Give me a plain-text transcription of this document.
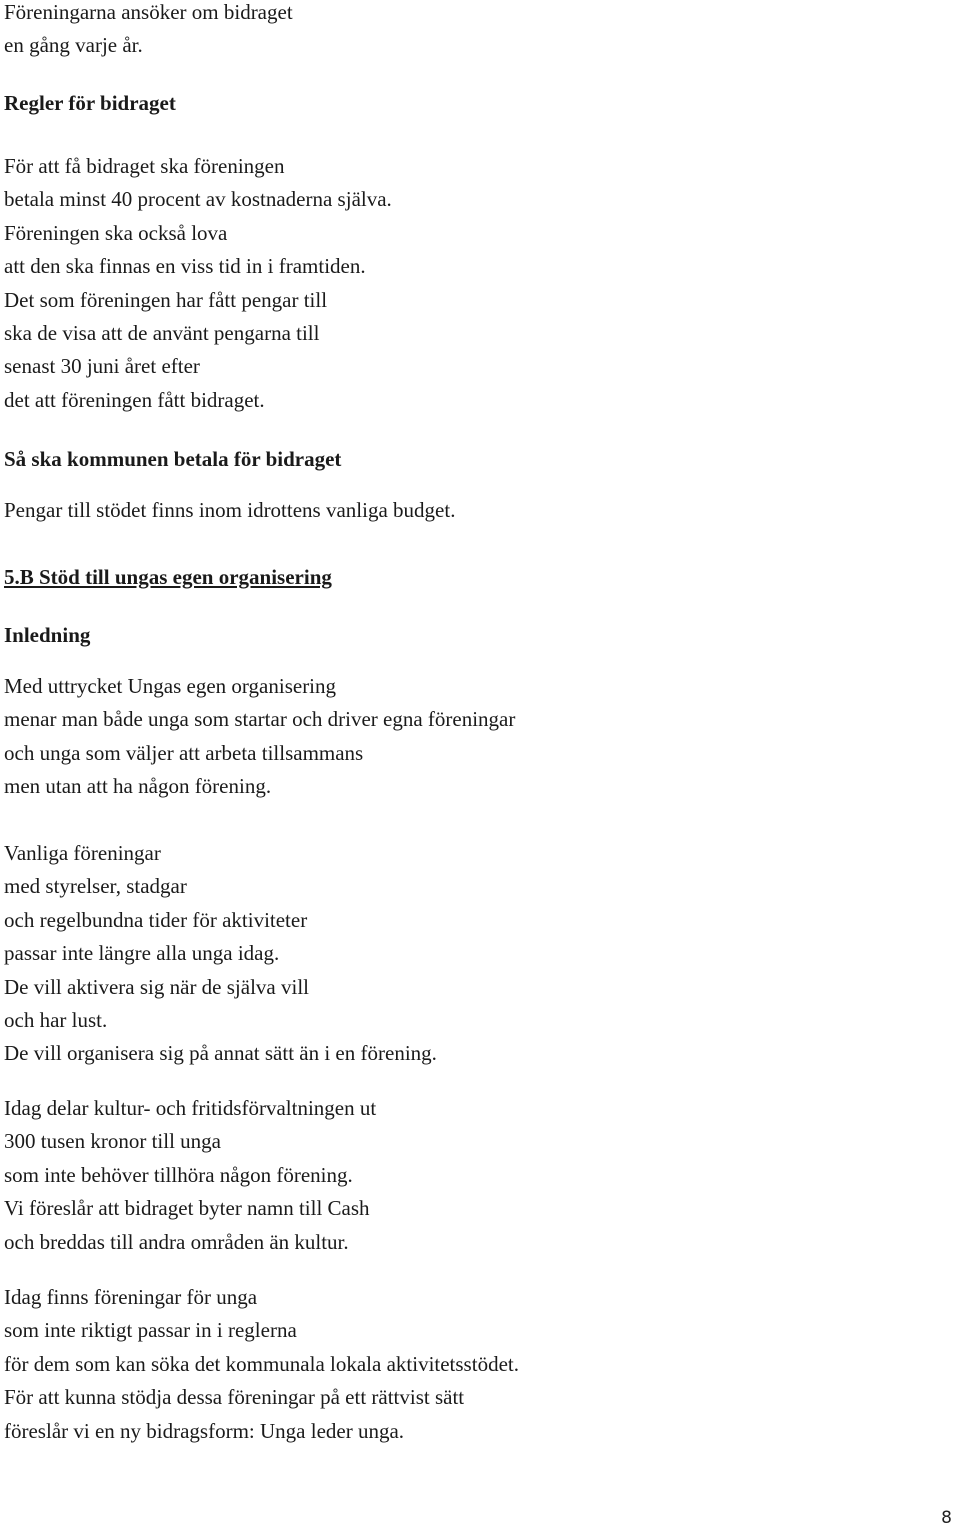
Föreningarna ansöker om bidraget

en gång varje år.

Regler för bidraget

För att få bidraget ska föreningen

betala minst 40 procent av kostnaderna själva.

Föreningen ska också lova

att den ska finnas en viss tid in i framtiden.

Det som föreningen har fått pengar till

ska de visa att de använt pengarna till

senast 30 juni året efter

det att föreningen fått bidraget.

Så ska kommunen betala för bidraget

Pengar till stödet finns inom idrottens vanliga budget.

5.B Stöd till ungas egen organisering
Inledning

Med uttrycket Ungas egen organisering

menar man både unga som startar och driver egna föreningar

och unga som väljer att arbeta tillsammans

men utan att ha någon förening.

Vanliga föreningar

med styrelser, stadgar

och regelbundna tider för aktiviteter

passar inte längre alla unga idag.

De vill aktivera sig när de själva vill

och har lust.

De vill organisera sig på annat sätt än i en förening.

Idag delar kultur- och fritidsförvaltningen ut

300 tusen kronor till unga

som inte behöver tillhöra någon förening.

Vi föreslår att bidraget byter namn till Cash

och breddas till andra områden än kultur.

Idag finns föreningar för unga

som inte riktigt passar in i reglerna

för dem som kan söka det kommunala lokala aktivitetsstödet.

För att kunna stödja dessa föreningar på ett rättvist sätt

föreslår vi en ny bidragsform: Unga leder unga.

8
